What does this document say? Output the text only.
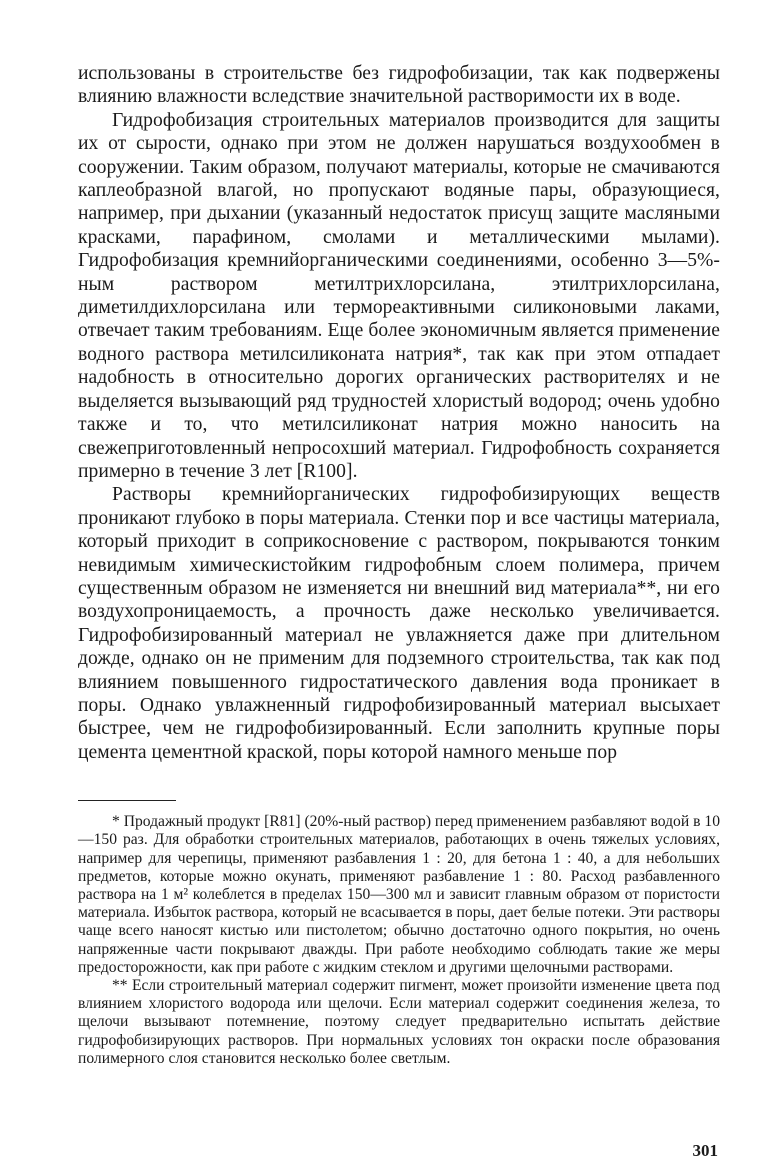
использованы в строительстве без гидрофобизации, так как подвержены влиянию влажности вследствие значительной растворимости их в воде.

Гидрофобизация строительных материалов производится для защиты их от сырости, однако при этом не должен нарушаться воздухообмен в сооружении. Таким образом, получают материалы, которые не смачиваются каплеобразной влагой, но пропускают водяные пары, образующиеся, например, при дыхании (указанный недостаток присущ защите масляными красками, парафином, смолами и металлическими мылами). Гидрофобизация кремнийорганическими соединениями, особенно 3—5%-ным раствором метилтрихлорсилана, этилтрихлорсилана, диметилдихлорсилана или термореактивными силиконовыми лаками, отвечает таким требованиям. Еще более экономичным является применение водного раствора метилсиликоната натрия*, так как при этом отпадает надобность в относительно дорогих органических растворителях и не выделяется вызывающий ряд трудностей хлористый водород; очень удобно также и то, что метилсиликонат натрия можно наносить на свежеприготовленный непросохший материал. Гидрофобность сохраняется примерно в течение 3 лет [R100].

Растворы кремнийорганических гидрофобизирующих веществ проникают глубоко в поры материала. Стенки пор и все частицы материала, который приходит в соприкосновение с раствором, покрываются тонким невидимым химическистойким гидрофобным слоем полимера, причем существенным образом не изменяется ни внешний вид материала**, ни его воздухопроницаемость, а прочность даже несколько увеличивается. Гидрофобизированный материал не увлажняется даже при длительном дожде, однако он не применим для подземного строительства, так как под влиянием повышенного гидростатического давления вода проникает в поры. Однако увлажненный гидрофобизированный материал высыхает быстрее, чем не гидрофобизированный. Если заполнить крупные поры цемента цементной краской, поры которой намного меньше пор

* Продажный продукт [R81] (20%-ный раствор) перед применением разбавляют водой в 10—150 раз. Для обработки строительных материалов, работающих в очень тяжелых условиях, например для черепицы, применяют разбавления 1 : 20, для бетона 1 : 40, а для небольших предметов, которые можно окунать, применяют разбавление 1 : 80. Расход разбавленного раствора на 1 м² колеблется в пределах 150—300 мл и зависит главным образом от пористости материала. Избыток раствора, который не всасывается в поры, дает белые потеки. Эти растворы чаще всего наносят кистью или пистолетом; обычно достаточно одного покрытия, но очень напряженные части покрывают дважды. При работе необходимо соблюдать такие же меры предосторожности, как при работе с жидким стеклом и другими щелочными растворами.

** Если строительный материал содержит пигмент, может произойти изменение цвета под влиянием хлористого водорода или щелочи. Если материал содержит соединения железа, то щелочи вызывают потемнение, поэтому следует предварительно испытать действие гидрофобизирующих растворов. При нормальных условиях тон окраски после образования полимерного слоя становится несколько более светлым.

301
